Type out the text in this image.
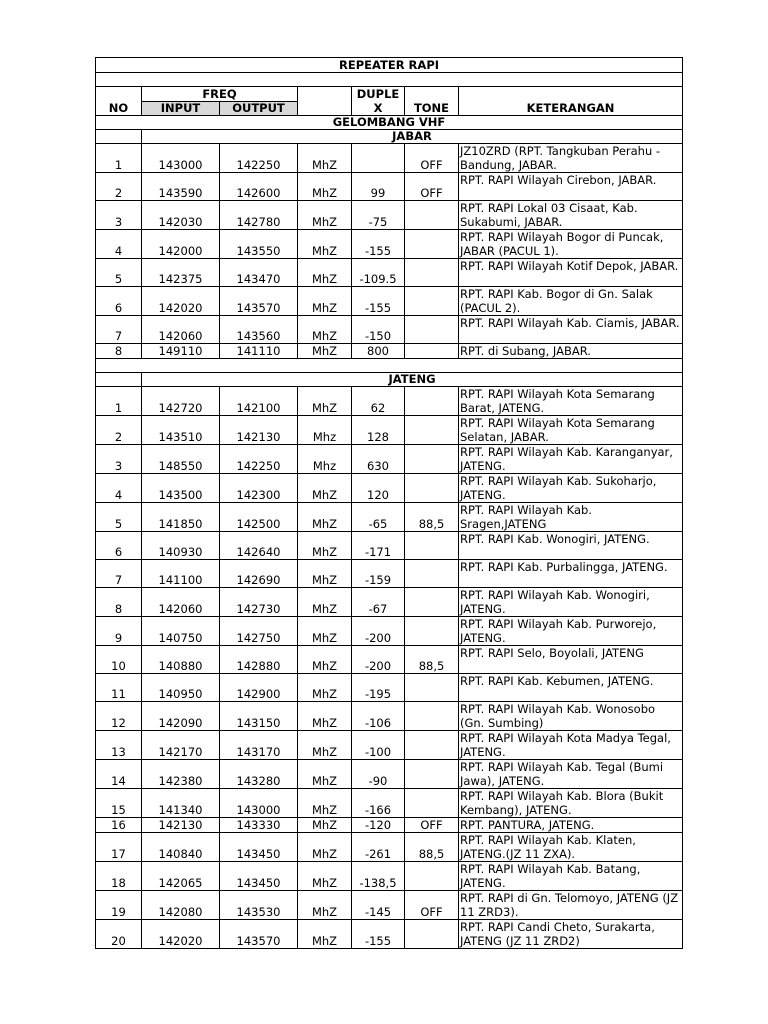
REPEATER RAPI						

NO	FREQ			DUPLE X	TONE	KETERANGAN
	INPUT	OUTPUT				
GELOMBANG VHF						
	JABAR					
1	143000	142250	MhZ		OFF	JZ10ZRD (RPT. Tangkuban Perahu - Bandung, JABAR.
2	143590	142600	MhZ	99	OFF	RPT. RAPI Wilayah Cirebon, JABAR.
3	142030	142780	MhZ	-75		RPT. RAPI Lokal 03 Cisaat, Kab. Sukabumi, JABAR.
4	142000	143550	MhZ	-155		RPT. RAPI Wilayah Bogor di Puncak, JABAR (PACUL 1).
5	142375	143470	MhZ	-109.5		RPT. RAPI Wilayah Kotif Depok, JABAR.
6	142020	143570	MhZ	-155		RPT. RAPI Kab. Bogor di Gn. Salak (PACUL 2).
7	142060	143560	MhZ	-150		RPT. RAPI Wilayah Kab. Ciamis, JABAR.
8	149110	141110	MhZ	800		RPT. di Subang, JABAR.

	JATENG					
1	142720	142100	MhZ	62		RPT. RAPI Wilayah Kota Semarang Barat, JATENG.
2	143510	142130	Mhz	128		RPT. RAPI Wilayah Kota Semarang Selatan, JABAR.
3	148550	142250	Mhz	630		RPT. RAPI Wilayah Kab. Karanganyar, JATENG.
4	143500	142300	MhZ	120		RPT. RAPI Wilayah Kab. Sukoharjo, JATENG.
5	141850	142500	MhZ	-65	88,5	RPT. RAPI Wilayah Kab. Sragen,JATENG
6	140930	142640	MhZ	-171		RPT. RAPI Kab. Wonogiri, JATENG.
7	141100	142690	MhZ	-159		RPT. RAPI Kab. Purbalingga, JATENG.
8	142060	142730	MhZ	-67		RPT. RAPI Wilayah Kab. Wonogiri, JATENG.
9	140750	142750	MhZ	-200		RPT. RAPI Wilayah Kab. Purworejo, JATENG.
10	140880	142880	MhZ	-200	88,5	RPT. RAPI Selo, Boyolali, JATENG
11	140950	142900	MhZ	-195		RPT. RAPI Kab. Kebumen, JATENG.
12	142090	143150	MhZ	-106		RPT. RAPI Wilayah Kab. Wonosobo (Gn. Sumbing)
13	142170	143170	MhZ	-100		RPT. RAPI Wilayah Kota Madya Tegal, JATENG.
14	142380	143280	MhZ	-90		RPT. RAPI Wilayah Kab. Tegal (Bumi Jawa), JATENG.
15	141340	143000	MhZ	-166		RPT. RAPI Wilayah Kab. Blora (Bukit Kembang), JATENG.
16	142130	143330	MhZ	-120	OFF	RPT. PANTURA, JATENG.
17	140840	143450	MhZ	-261	88,5	RPT. RAPI Wilayah Kab. Klaten, JATENG.(JZ 11 ZXA).
18	142065	143450	MhZ	-138,5		RPT. RAPI Wilayah Kab. Batang, JATENG.
19	142080	143530	MhZ	-145	OFF	RPT. RAPI di Gn. Telomoyo, JATENG (JZ 11 ZRD3).
20	142020	143570	MhZ	-155		RPT. RAPI Candi Cheto, Surakarta, JATENG (JZ 11 ZRD2)
